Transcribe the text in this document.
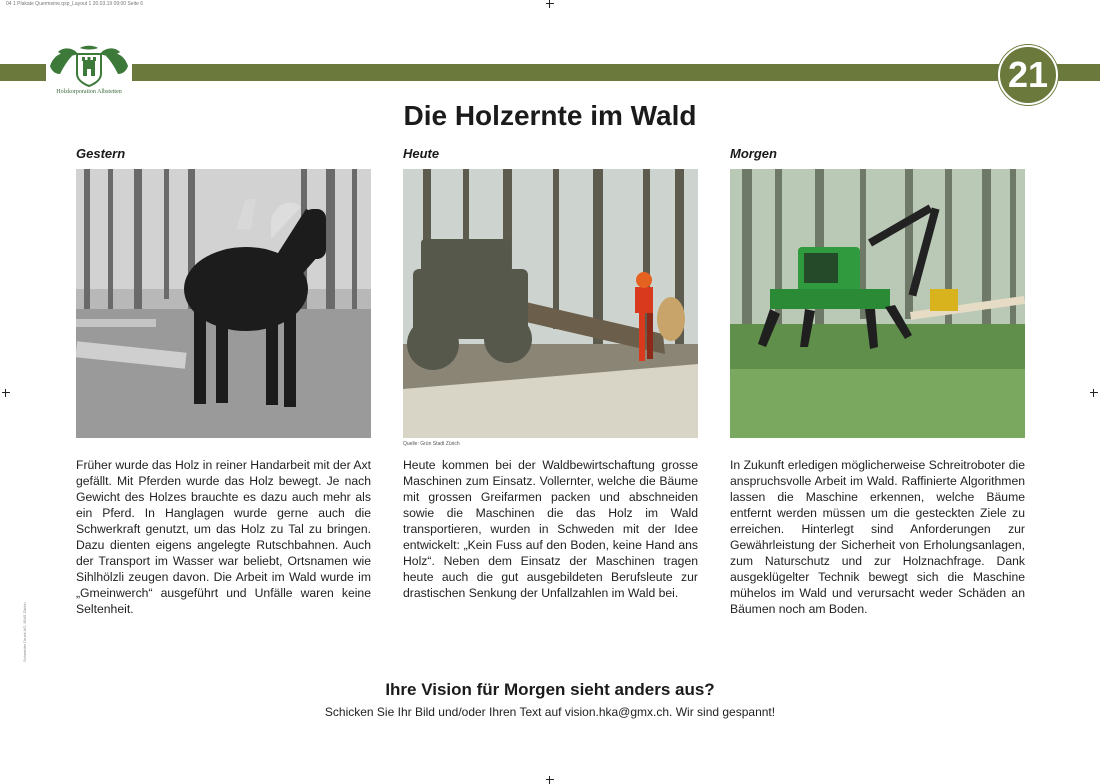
04 1 Plakate Quermeine.qxp_Layout 1 20.03.19 09:00 Seite 6
Holzkorporation Albstetten	21
Die Holzernte im Wald
Gestern	Heute	Morgen
Quelle: Grün Stadt Zürich
Früher wurde das Holz in reiner Handarbeit mit der Axt gefällt. Mit Pferden wurde das Holz bewegt. Je nach Gewicht des Holzes brauchte es dazu auch mehr als ein Pferd. In Hanglagen wurde gerne auch die Schwerkraft genutzt, um das Holz zu Tal zu bringen. Dazu dienten eigens angelegte Rutschbahnen. Auch der Transport im Wasser war beliebt, Ortsnamen wie Sihlhölzli zeugen davon. Die Arbeit im Wald wurde im „Gmeinwerch“ ausgeführt und Unfälle waren keine Seltenheit.
Heute kommen bei der Waldbewirtschaftung grosse Maschinen zum Einsatz. Vollernter, welche die Bäume mit grossen Greifarmen packen und abschneiden sowie die Maschinen die das Holz im Wald transportieren, wurden in Schweden mit der Idee entwickelt: „Kein Fuss auf den Boden, keine Hand ans Holz“. Neben dem Einsatz der Maschinen tragen heute auch die gut ausgebildeten Berufsleute zur drastischen Senkung der Unfallzahlen im Wald bei.
In Zukunft erledigen möglicherweise Schreitroboter die anspruchsvolle Arbeit im Wald. Raffinierte Algorithmen lassen die Maschine erkennen, welche Bäume entfernt werden müssen um die gesteckten Ziele zu erreichen. Hinterlegt sind Anforderungen zur Gewährleistung der Sicherheit von Erholungsanlagen, zum Naturschutz und zur Holznachfrage. Dank ausgeklügelter Technik bewegt sich die Maschine mühelos im Wald und verursacht weder Schäden an Bäumen noch am Boden.
Schneider Druck AG, 8045 Zürich
Ihre Vision für Morgen sieht anders aus?
Schicken Sie Ihr Bild und/oder Ihren Text auf vision.hka@gmx.ch. Wir sind gespannt!
